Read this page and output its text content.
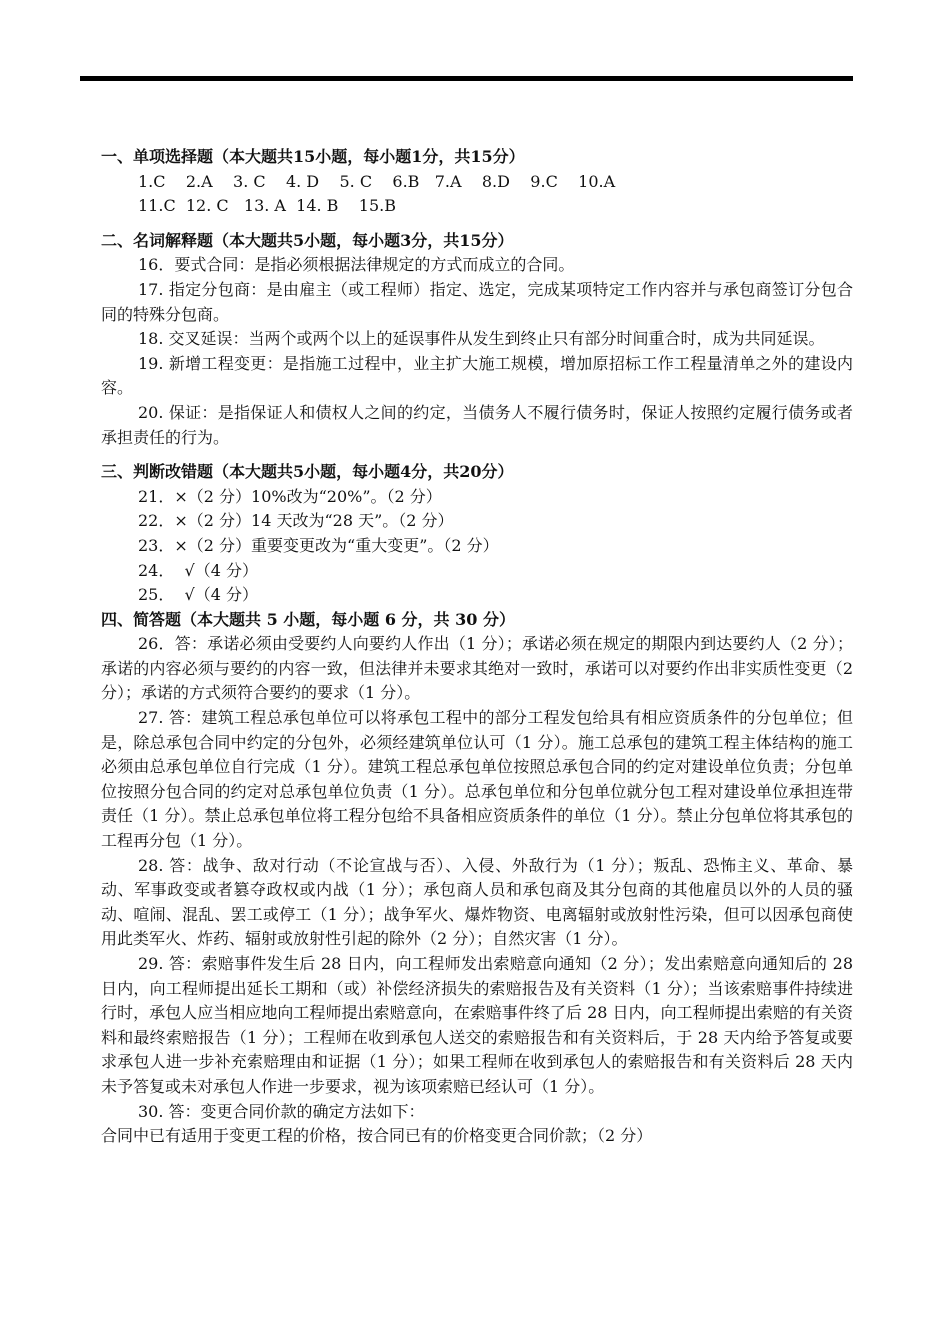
一、单项选择题（本大题共15小题，每小题1分，共15分）
1.C    2.A    3. C    4. D    5. C    6.B   7.A    8.D    9.C    10.A
11.C  12. C   13. A  14. B    15.B
二、名词解释题（本大题共5小题，每小题3分，共15分）
16．要式合同：是指必须根据法律规定的方式而成立的合同。
17. 指定分包商：是由雇主（或工程师）指定、选定，完成某项特定工作内容并与承包商签订分包合同的特殊分包商。
18. 交叉延误：当两个或两个以上的延误事件从发生到终止只有部分时间重合时，成为共同延误。
19. 新增工程变更：是指施工过程中，业主扩大施工规模，增加原招标工作工程量清单之外的建设内容。
20. 保证：是指保证人和债权人之间的约定，当债务人不履行债务时，保证人按照约定履行债务或者承担责任的行为。
三、判断改错题（本大题共5小题，每小题4分，共20分）
21．×（2 分）10%改为“20%”。（2 分）
22．×（2 分）14 天改为“28 天”。（2 分）
23．×（2 分）重要变更改为“重大变更”。（2 分）
24．  √（4 分）
25．  √（4 分）
四、简答题（本大题共 5 小题，每小题 6 分，共 30 分）
26．答：承诺必须由受要约人向要约人作出（1 分）；承诺必须在规定的期限内到达要约人（2 分）；承诺的内容必须与要约的内容一致，但法律并未要求其绝对一致时，承诺可以对要约作出非实质性变更（2 分）；承诺的方式须符合要约的要求（1 分）。
27. 答：建筑工程总承包单位可以将承包工程中的部分工程发包给具有相应资质条件的分包单位；但是，除总承包合同中约定的分包外，必须经建筑单位认可（1 分）。施工总承包的建筑工程主体结构的施工必须由总承包单位自行完成（1 分）。建筑工程总承包单位按照总承包合同的约定对建设单位负责；分包单位按照分包合同的约定对总承包单位负责（1 分）。总承包单位和分包单位就分包工程对建设单位承担连带责任（1 分）。禁止总承包单位将工程分包给不具备相应资质条件的单位（1 分）。禁止分包单位将其承包的工程再分包（1 分）。
28. 答：战争、敌对行动（不论宣战与否）、入侵、外敌行为（1 分）；叛乱、恐怖主义、革命、暴动、军事政变或者篡夺政权或内战（1 分）；承包商人员和承包商及其分包商的其他雇员以外的人员的骚动、喧闹、混乱、罢工或停工（1 分）；战争军火、爆炸物资、电离辐射或放射性污染，但可以因承包商使用此类军火、炸药、辐射或放射性引起的除外（2 分）；自然灾害（1 分）。
29. 答：索赔事件发生后 28 日内，向工程师发出索赔意向通知（2 分）；发出索赔意向通知后的 28 日内，向工程师提出延长工期和（或）补偿经济损失的索赔报告及有关资料（1 分）；当该索赔事件持续进行时，承包人应当相应地向工程师提出索赔意向，在索赔事件终了后 28 日内，向工程师提出索赔的有关资料和最终索赔报告（1 分）；工程师在收到承包人送交的索赔报告和有关资料后，于 28 天内给予答复或要求承包人进一步补充索赔理由和证据（1 分）；如果工程师在收到承包人的索赔报告和有关资料后 28 天内未予答复或未对承包人作进一步要求，视为该项索赔已经认可（1 分）。
30. 答：变更合同价款的确定方法如下：
合同中已有适用于变更工程的价格，按合同已有的价格变更合同价款；（2 分）
